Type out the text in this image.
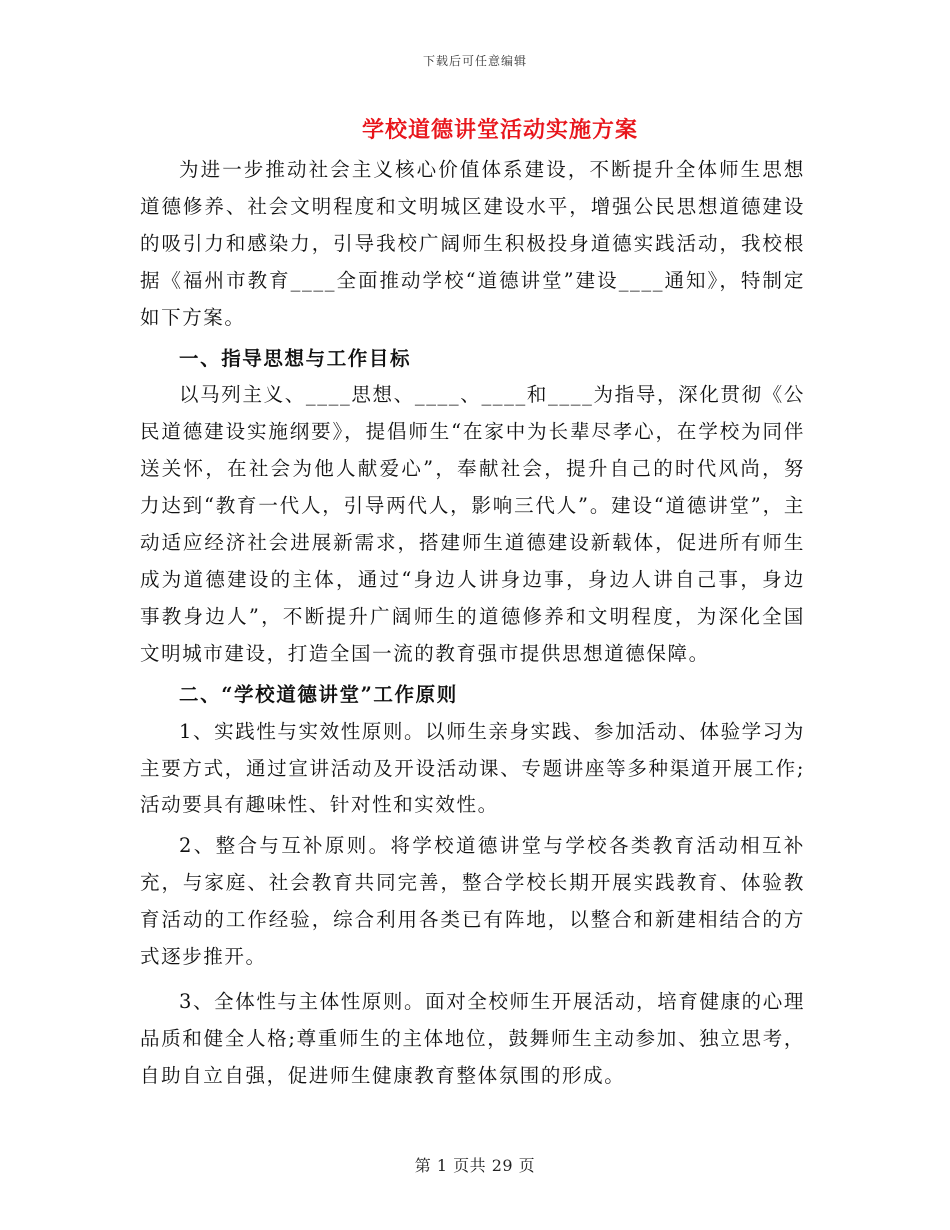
下载后可任意编辑
学校道德讲堂活动实施方案

为进一步推动社会主义核心价值体系建设，不断提升全体师生思想道德修养、社会文明程度和文明城区建设水平，增强公民思想道德建设的吸引力和感染力，引导我校广阔师生积极投身道德实践活动，我校根据《福州市教育____全面推动学校“道德讲堂”建设____通知》，特制定如下方案。

一、指导思想与工作目标

以马列主义、____思想、____、____和____为指导，深化贯彻《公民道德建设实施纲要》，提倡师生“在家中为长辈尽孝心，在学校为同伴送关怀，在社会为他人献爱心”，奉献社会，提升自己的时代风尚，努力达到“教育一代人，引导两代人，影响三代人”。建设“道德讲堂”，主动适应经济社会进展新需求，搭建师生道德建设新载体，促进所有师生成为道德建设的主体，通过“身边人讲身边事，身边人讲自己事，身边事教身边人”，不断提升广阔师生的道德修养和文明程度，为深化全国文明城市建设，打造全国一流的教育强市提供思想道德保障。

二、“学校道德讲堂”工作原则

1、实践性与实效性原则。以师生亲身实践、参加活动、体验学习为主要方式，通过宣讲活动及开设活动课、专题讲座等多种渠道开展工作;活动要具有趣味性、针对性和实效性。

2、整合与互补原则。将学校道德讲堂与学校各类教育活动相互补充，与家庭、社会教育共同完善，整合学校长期开展实践教育、体验教育活动的工作经验，综合利用各类已有阵地，以整合和新建相结合的方式逐步推开。

3、全体性与主体性原则。面对全校师生开展活动，培育健康的心理品质和健全人格;尊重师生的主体地位，鼓舞师生主动参加、独立思考，自助自立自强，促进师生健康教育整体氛围的形成。

第 1 页共 29 页
